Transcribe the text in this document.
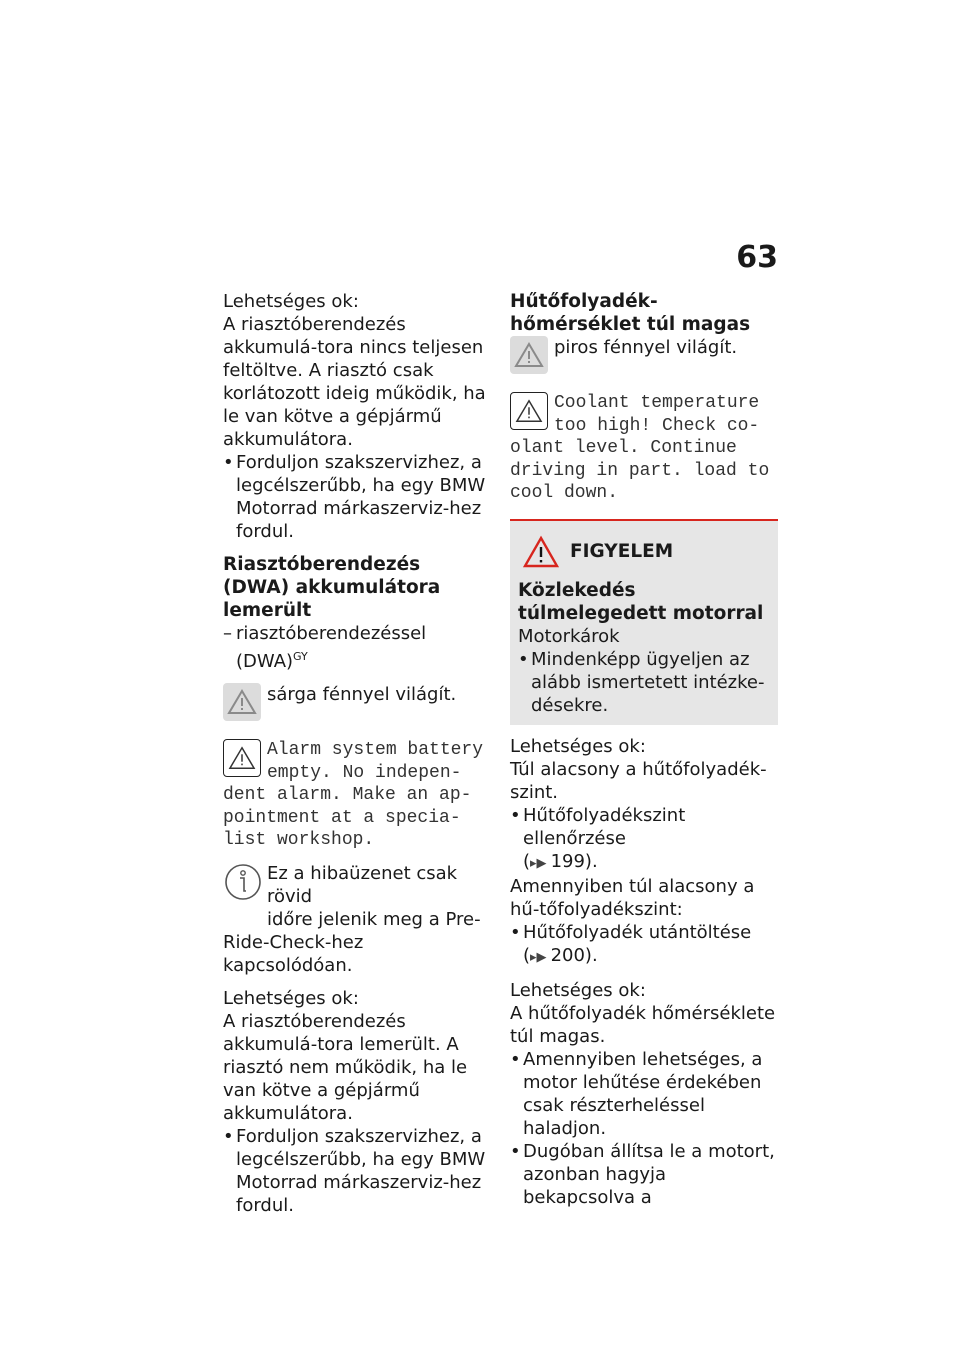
63

Lehetséges ok:

A riasztóberendezés akkumulá-tora nincs teljesen feltöltve. A riasztó csak korlátozott ideig működik, ha le van kötve a gépjármű akkumulátora.

• Forduljon szakszervizhez, a legcélszerűbb, ha egy BMW Motorrad márkaszerviz-hez fordul.

Riasztóberendezés (DWA) akkumulátora lemerült

– riasztóberendezéssel (DWA)$^{GY}$

sárga fénnyel világít.

Alarm system battery

empty. No indepen-

dent alarm. Make an ap-pointment at a specia-list workshop.

Ez a hibaüzenet csak rövid

időre jelenik meg a Pre-

Ride-Check-hez kapcsolódóan.

Lehetséges ok:

A riasztóberendezés akkumulá-tora lemerült. A riasztó nem működik, ha le van kötve a gépjármű akkumulátora.

• Forduljon szakszervizhez, a legcélszerűbb, ha egy BMW Motorrad márkaszerviz-hez fordul.

Hűtőfolyadék-hőmérséklet túl magas

piros fénnyel világít.

Coolant temperature

too high! Check co-

olant level. Continue driving in part. load to cool down.

FIGYELEM

Közlekedés túlmelegedett motorral

Motorkárok

• Mindenképp ügyeljen az alább ismertetett intézke-désekre.

Lehetséges ok:

Túl alacsony a hűtőfolyadék-szint.

• Hűtőfolyadékszint ellenőrzése

(▸▶ 199).

Amennyiben túl alacsony a hű-tőfolyadékszint:

• Hűtőfolyadék utántöltése

(▸▶ 200).

Lehetséges ok:

A hűtőfolyadék hőmérséklete túl magas.

• Amennyiben lehetséges, a motor lehűtése érdekében csak részterheléssel haladjon.

• Dugóban állítsa le a motort, azonban hagyja bekapcsolva a
